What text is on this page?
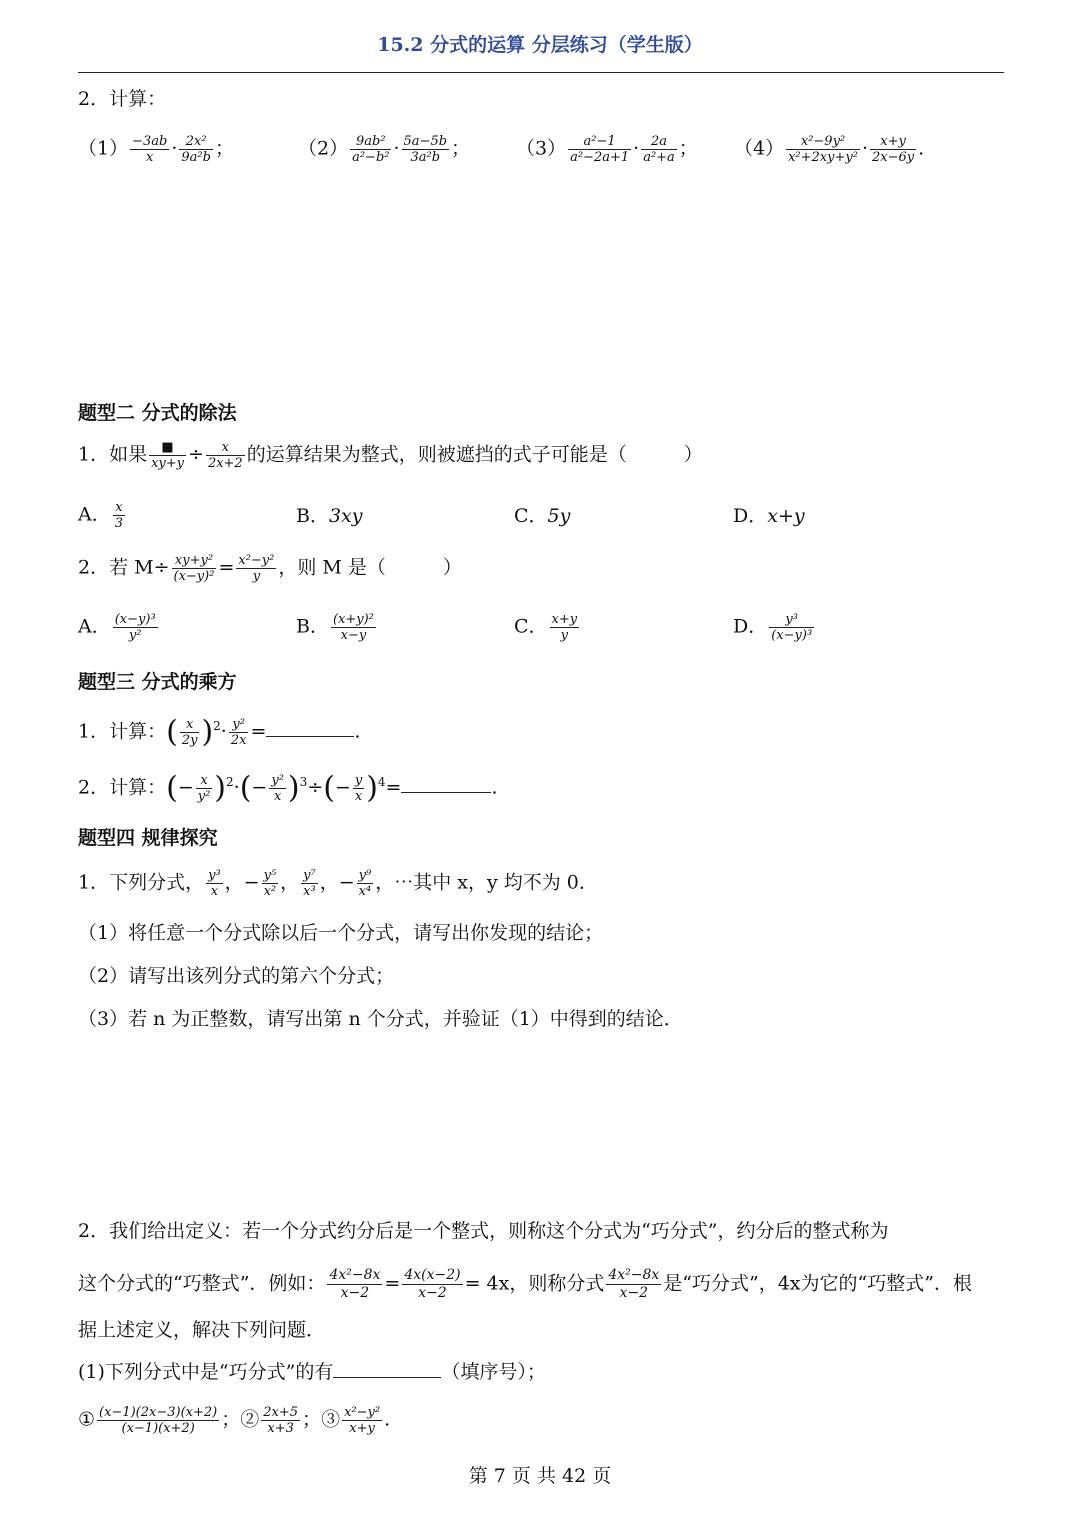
15.2 分式的运算 分层练习（学生版）
2．计算：
$(1) \frac{-3ab}{x} \cdot \frac{\text{2x²}}{\text{9a²b}}$ ；	$(2) \frac{\text{9ab²}}{\text{a²−b²}} \cdot \frac{5a-5b}{\text{3a²b}}$ ； $(3) \frac{\text{a²−1}}{\text{a²−2a+1}} \cdot \frac{2a}{\text{a²+a}}$ ； $(4) \frac{\text{x²−9y²}}{\text{x²+2xy+y²}} \cdot \frac{x+y}{2x-6y}$ .
题型二 分式的除法
1．如果	■
$xy+y \div \frac{x}{2x+2}$ 的运算结果为整式，则被遮挡的式子可能是（　　　）
A． $\frac{x}{3}$	B．3xy	C．5y	D．x+y
2．若 $M\div \frac{\text{xy+y²}}{\text{(x−y)²}} = \frac{\text{x²−y²}}{y}$ ，则 M 是（　　　）
A． $\frac{\text{(x−y)³}}{\text{y²}}$	B． $\frac{\text{(x+y)²}}{x-y}$	C． $\frac{x+y}{y}$	D． $\frac{\text{y³}}{\text{(x−y)³}}$
题型三 分式的乘方
1．计算：( $\frac{x}{2y} )^2\cdot \frac{\text{y²}}{2x}$ =	.
2．计算：(− $\frac{x}{\text{y²}} )^2\cdot(- \frac{\text{y²}}{x} )^3\div(- \frac{y}{x} )^4=$	.
题型四 规律探究
1．下列分式， $\frac{\text{y³}}{x}$ ，− $\frac{\text{y⁵}}{\text{x²}}$ ， $\frac{\text{y⁷}}{\text{x³}}$ ，− $\frac{\text{y⁹}}{\text{x⁴}}$ ，⋯其中 x，y 均不为 0．
（1）将任意一个分式除以后一个分式，请写出你发现的结论；
（2）请写出该列分式的第六个分式；
（3）若 n 为正整数，请写出第 n 个分式，并验证（1）中得到的结论．
2．我们给出定义：若一个分式约分后是一个整式，则称这个分式为“巧分式”，约分后的整式称为
这个分式的“巧整式”．例如： $\frac{\text{4x²−8x}}{x-2} = \frac{4x(x-2)}{x-2} = 4x$，则称分式 $\frac{\text{4x²−8x}}{x-2}$ 是“巧分式”，4x为它的“巧整式”．根
据上述定义，解决下列问题．
(1)下列分式中是“巧分式”的有	（填序号）；
① $\frac{(x-1)(2x-3)(x+2)}{(x-1)(x+2)}$ ；② $\frac{2x+5}{x+3}$ ；③ $\frac{\text{x²−y²}}{x+y}$ .
第 7 页 共 42 页
